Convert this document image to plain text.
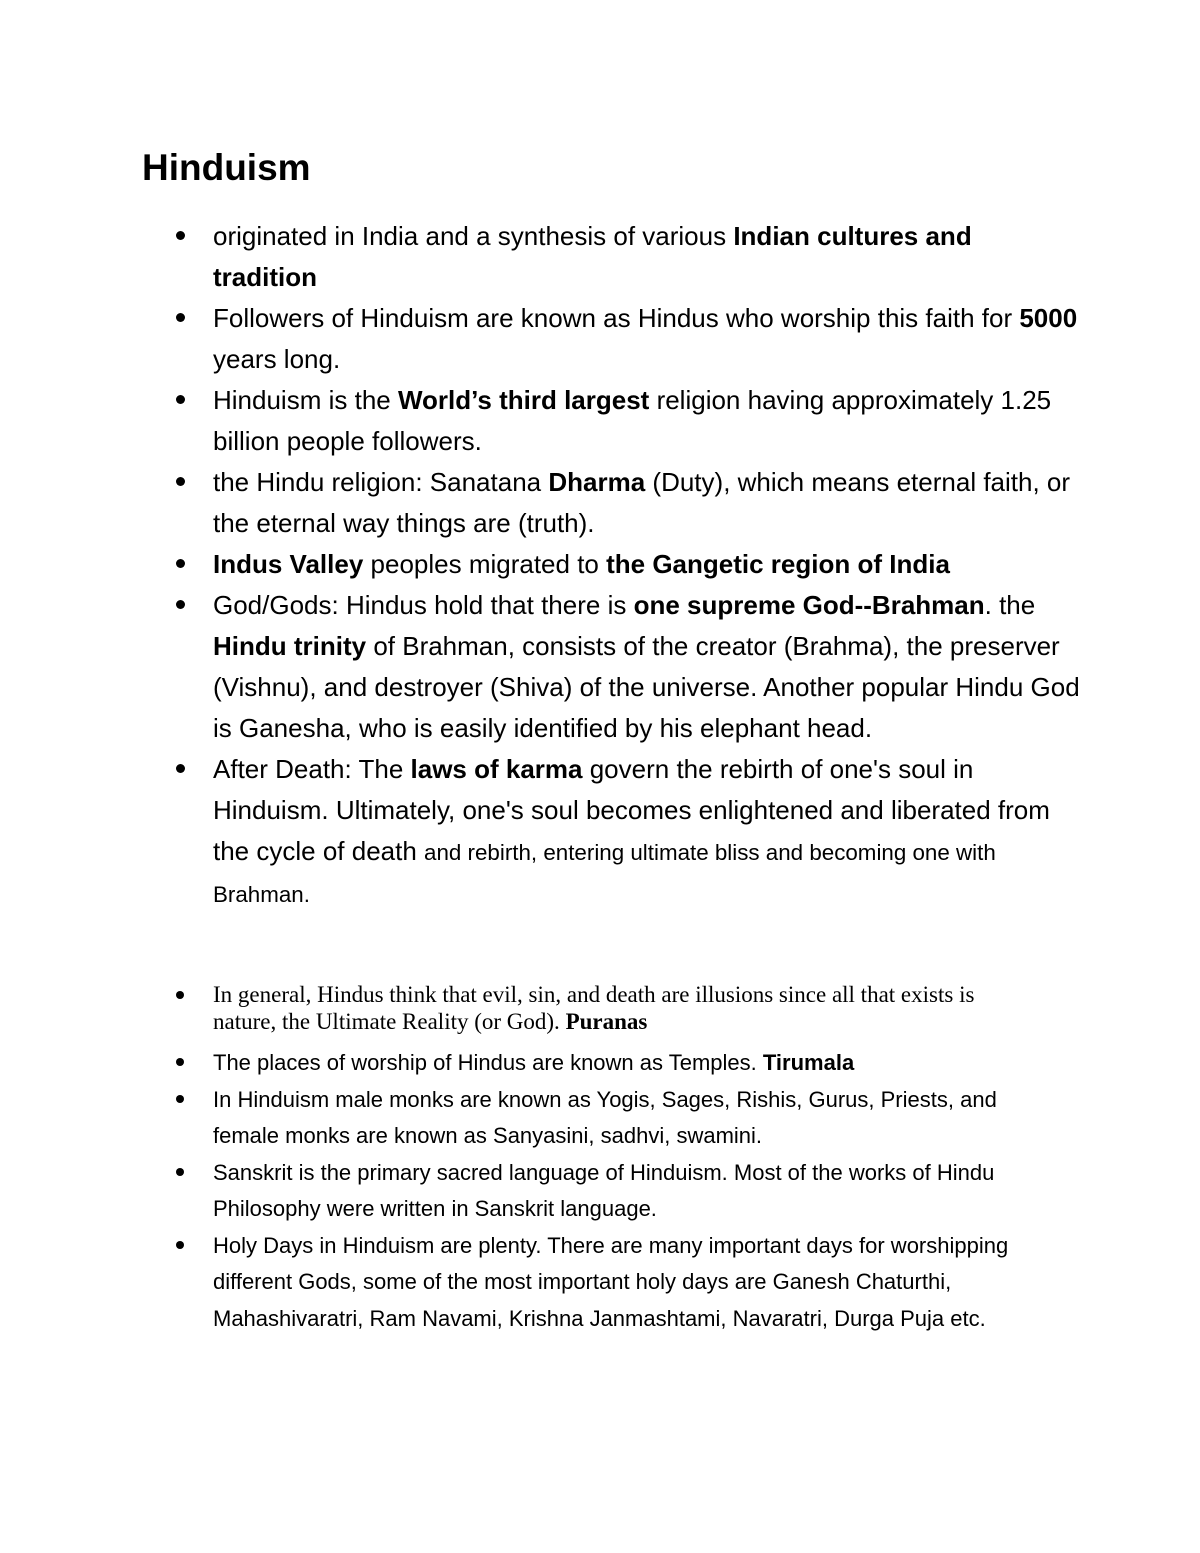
Hinduism
originated in India and a synthesis of various Indian cultures and tradition
Followers of Hinduism are known as Hindus who worship this faith for 5000 years long.
Hinduism is the World’s third largest religion having approximately 1.25 billion people followers.
the Hindu religion: Sanatana Dharma (Duty), which means eternal faith, or the eternal way things are (truth).
Indus Valley peoples migrated to the Gangetic region of India
God/Gods: Hindus hold that there is one supreme God--Brahman. the Hindu trinity of Brahman, consists of the creator (Brahma), the preserver (Vishnu), and destroyer (Shiva) of the universe. Another popular Hindu God is Ganesha, who is easily identified by his elephant head.
After Death: The laws of karma govern the rebirth of one's soul in Hinduism. Ultimately, one's soul becomes enlightened and liberated from the cycle of death and rebirth, entering ultimate bliss and becoming one with Brahman.
In general, Hindus think that evil, sin, and death are illusions since all that exists is nature, the Ultimate Reality (or God). Puranas
The places of worship of Hindus are known as Temples. Tirumala
In Hinduism male monks are known as Yogis, Sages, Rishis, Gurus, Priests, and female monks are known as Sanyasini, sadhvi, swamini.
Sanskrit is the primary sacred language of Hinduism. Most of the works of Hindu Philosophy were written in Sanskrit language.
Holy Days in Hinduism are plenty. There are many important days for worshipping different Gods, some of the most important holy days are Ganesh Chaturthi, Mahashivaratri, Ram Navami, Krishna Janmashtami, Navaratri, Durga Puja etc.
